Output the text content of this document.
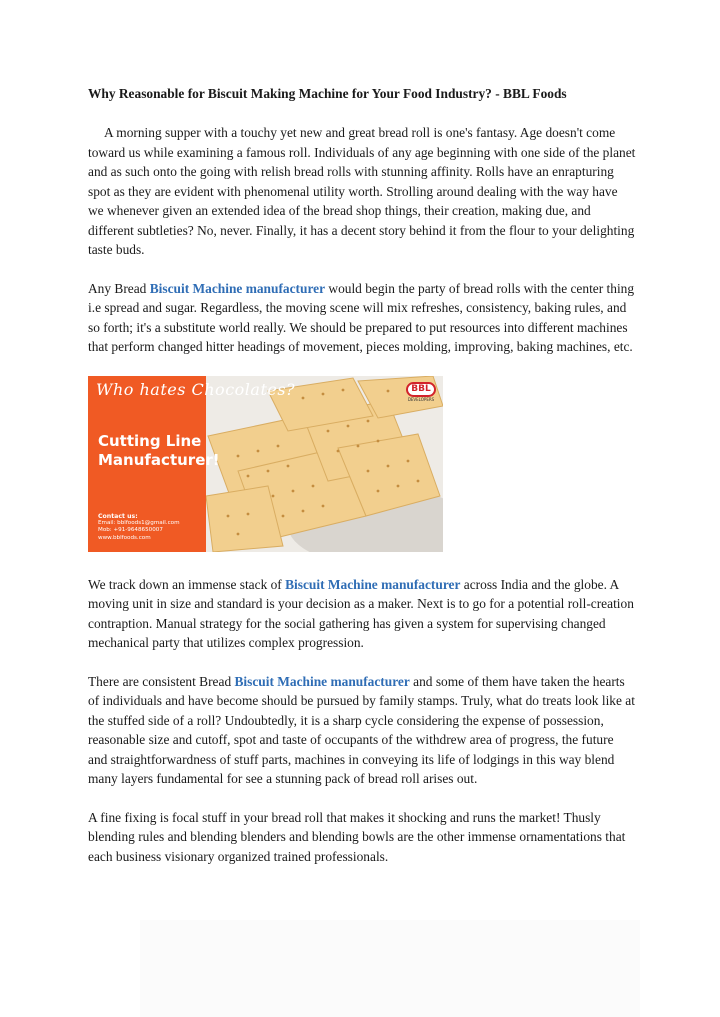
Why Reasonable for Biscuit Making Machine for Your Food Industry? - BBL Foods

A morning supper with a touchy yet new and great bread roll is one's fantasy. Age doesn't come toward us while examining a famous roll. Individuals of any age beginning with one side of the planet and as such onto the going with relish bread rolls with stunning affinity. Rolls have an enrapturing spot as they are evident with phenomenal utility worth. Strolling around dealing with the way have we whenever given an extended idea of the bread shop things, their creation, making due, and different subtleties? No, never. Finally, it has a decent story behind it from the flour to your delighting taste buds.

Any Bread Biscuit Machine manufacturer would begin the party of bread rolls with the center thing i.e spread and sugar. Regardless, the moving scene will mix refreshes, consistency, baking rules, and so forth; it's a substitute world really. We should be prepared to put resources into different machines that perform changed hitter headings of movement, pieces molding, improving, baking machines, etc.

Who hates Chocolates?
Cutting Line Manufacturer!
Contact us:
Email: bblfoods1@gmail.com
Mob: +91-9648650007
www.bblfoods.com
BBL
DEVELOPERS

We track down an immense stack of Biscuit Machine manufacturer across India and the globe. A moving unit in size and standard is your decision as a maker. Next is to go for a potential roll-creation contraption. Manual strategy for the social gathering has given a system for supervising changed mechanical party that utilizes complex progression.

There are consistent Bread Biscuit Machine manufacturer and some of them have taken the hearts of individuals and have become should be pursued by family stamps. Truly, what do treats look like at the stuffed side of a roll? Undoubtedly, it is a sharp cycle considering the expense of possession, reasonable size and cutoff, spot and taste of occupants of the withdrew area of progress, the future and straightforwardness of stuff parts, machines in conveying its life of lodgings in this way blend many layers fundamental for see a stunning pack of bread roll arises out.

A fine fixing is focal stuff in your bread roll that makes it shocking and runs the market! Thusly blending rules and blending blenders and blending bowls are the other immense ornamentations that each business visionary organized trained professionals.
